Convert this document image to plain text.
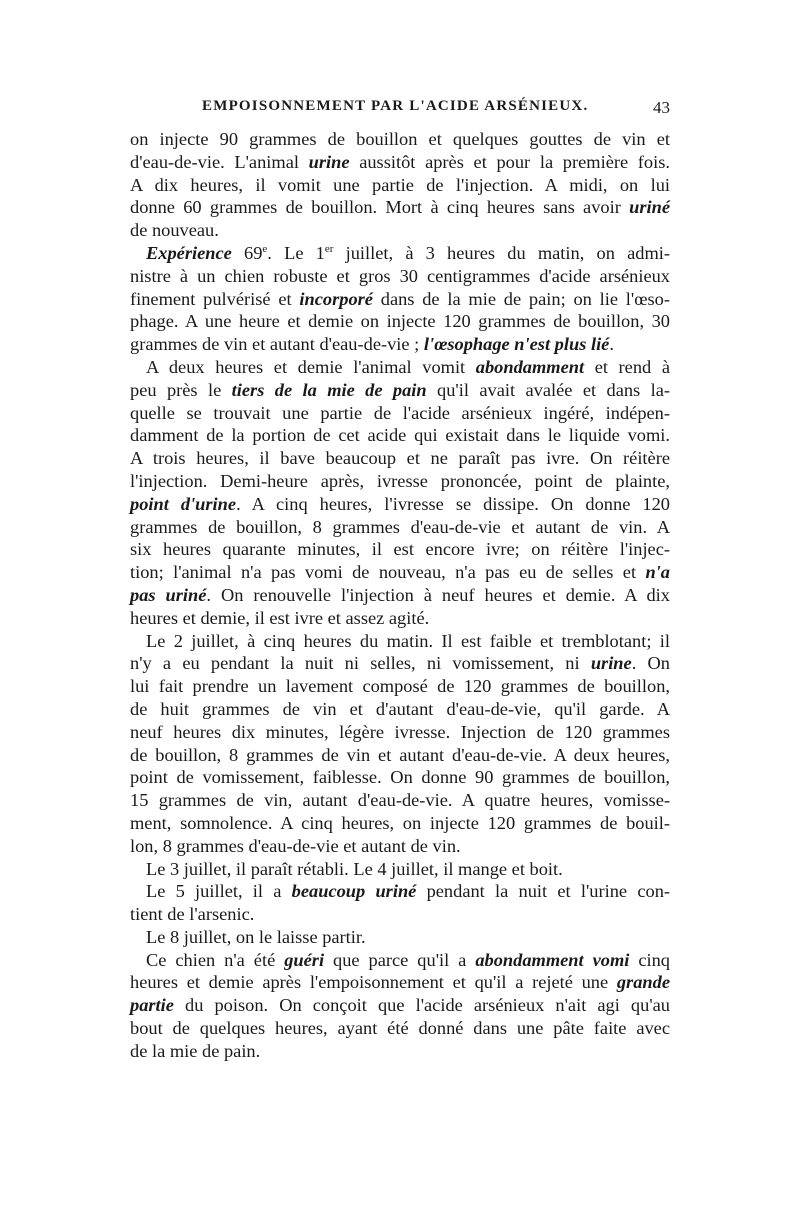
EMPOISONNEMENT PAR L'ACIDE ARSÉNIEUX.	43
on injecte 90 grammes de bouillon et quelques gouttes de vin et
d'eau-de-vie. L'animal urine aussitôt après et pour la première fois.
A dix heures, il vomit une partie de l'injection. A midi, on lui
donne 60 grammes de bouillon. Mort à cinq heures sans avoir uriné
de nouveau.
Expérience 69e. Le 1er juillet, à 3 heures du matin, on admi-
nistre à un chien robuste et gros 30 centigrammes d'acide arsénieux
finement pulvérisé et incorporé dans de la mie de pain; on lie l'œso-
phage. A une heure et demie on injecte 120 grammes de bouillon, 30
grammes de vin et autant d'eau-de-vie ; l'œsophage n'est plus lié.
A deux heures et demie l'animal vomit abondamment et rend à
peu près le tiers de la mie de pain qu'il avait avalée et dans la-
quelle se trouvait une partie de l'acide arsénieux ingéré, indépen-
damment de la portion de cet acide qui existait dans le liquide vomi.
A trois heures, il bave beaucoup et ne paraît pas ivre. On réitère
l'injection. Demi-heure après, ivresse prononcée, point de plainte,
point d'urine. A cinq heures, l'ivresse se dissipe. On donne 120
grammes de bouillon, 8 grammes d'eau-de-vie et autant de vin. A
six heures quarante minutes, il est encore ivre; on réitère l'injec-
tion; l'animal n'a pas vomi de nouveau, n'a pas eu de selles et n'a
pas uriné. On renouvelle l'injection à neuf heures et demie. A dix
heures et demie, il est ivre et assez agité.
Le 2 juillet, à cinq heures du matin. Il est faible et tremblotant; il
n'y a eu pendant la nuit ni selles, ni vomissement, ni urine. On
lui fait prendre un lavement composé de 120 grammes de bouillon,
de huit grammes de vin et d'autant d'eau-de-vie, qu'il garde. A
neuf heures dix minutes, légère ivresse. Injection de 120 grammes
de bouillon, 8 grammes de vin et autant d'eau-de-vie. A deux heures,
point de vomissement, faiblesse. On donne 90 grammes de bouillon,
15 grammes de vin, autant d'eau-de-vie. A quatre heures, vomisse-
ment, somnolence. A cinq heures, on injecte 120 grammes de bouil-
lon, 8 grammes d'eau-de-vie et autant de vin.
Le 3 juillet, il paraît rétabli. Le 4 juillet, il mange et boit.
Le 5 juillet, il a beaucoup uriné pendant la nuit et l'urine con-
tient de l'arsenic.
Le 8 juillet, on le laisse partir.
Ce chien n'a été guéri que parce qu'il a abondamment vomi cinq
heures et demie après l'empoisonnement et qu'il a rejeté une grande
partie du poison. On conçoit que l'acide arsénieux n'ait agi qu'au
bout de quelques heures, ayant été donné dans une pâte faite avec
de la mie de pain.
